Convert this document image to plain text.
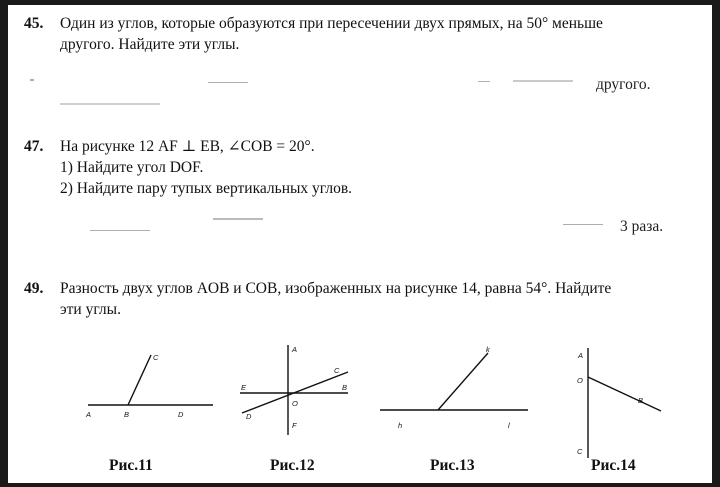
45. Один из углов, которые образуются при пересечении двух прямых, на 50° меньше
другого. Найдите эти углы.
другого.
47. На рисунке 12 AF ⊥ EB, ∠COB = 20°.
1) Найдите угол DOF.
2) Найдите пару тупых вертикальных углов.
3 раза.
49. Разность двух углов AOB и COB, изображенных на рисунке 14, равна 54°. Найдите
эти углы.
C
A	B	D
A
C
E	B
O
D
F
k
h	l
A
O
B
C
Рис.11	Рис.12	Рис.13	Рис.14
